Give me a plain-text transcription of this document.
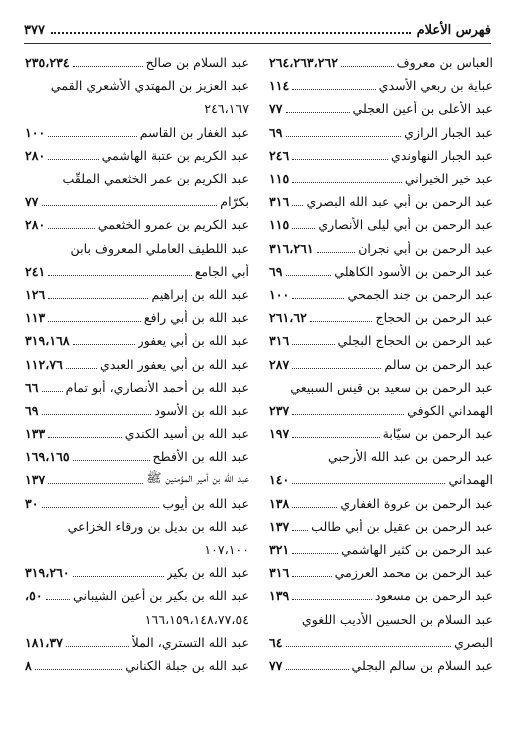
فهرس الأعلام
٣٧٧
العباس بن معروف
٢٦٤،٢٦٣،٢٦٢
عباية بن ربعي الأسدي
١١٤
عبد الأعلى بن أعين العجلي
٧٧
عبد الجبار الرازي
٦٩
عبد الجبار النهاوندي
٢٤٦
عبد خير الخيراني
١١٥
عبد الرحمن بن أبي عبد الله البصري
٣١٦
عبد الرحمن بن أبي ليلى الأنصاري
١١٥
عبد الرحمن بن أبي نجران
٣١٦،٢٦١
عبد الرحمن بن الأسود الكاهلي
٦٩
عبد الرحمن بن جند الجمحي
١٠٠
عبد الرحمن بن الحجاج
٢٦١،٦٢
عبد الرحمن بن الحجاج البجلي
٣١٦
عبد الرحمن بن سالم
٢٨٧
عبد الرحمن بن سعيد بن قيس السبيعي
الهمداني الكوفي
٢٣٧
عبد الرحمن بن سيّابة
١٩٧
عبد الرحمن بن عبد الله الأرحبي
الهمداني
١٤٠
عبد الرحمن بن عروة الغفاري
١٣٨
عبد الرحمن بن عقيل بن أبي طالب
١٣٧
عبد الرحمن بن كثير الهاشمي
٣٢١
عبد الرحمن بن محمد العرزمي
٣١٦
عبد الرحمن بن مسعود
١٣٩
عبد السلام بن الحسين الأديب اللغوي
البصري
٦٤
عبد السلام بن سالم البجلي
٧٧
عبد السلام بن صالح
٢٣٥،٢٣٤
عبد العزيز بن المهتدي الأشعري القمي
٢٤٦،١٦٧
عبد الغفار بن القاسم
١٠٠
عبد الكريم بن عتبة الهاشمي
٢٨٠
عبد الكريم بن عمر الخثعمي الملقّب
بكرّام
٧٧
عبد الكريم بن عمرو الخثعمي
٢٨٠
عبد اللطيف العاملي المعروف بابن
أبي الجامع
٢٤١
عبد الله بن إبراهيم
١٢٦
عبد الله بن أبي رافع
١١٣
عبد الله بن أبي يعفور
٣١٩،١٦٨
عبد الله بن أبي يعفور العبدي
١١٢،٧٦
عبد الله بن أحمد الأنصاري، أبو تمام
٦٦
عبد الله بن الأسود
٦٩
عبد الله بن أسيد الكندي
١٣٣
عبد الله بن الأفطح
١٦٩،١٦٥
عبد الله بن أمير المؤمنين ﷺ
١٣٧
عبد الله بن أيوب
٣٠
عبد الله بن بديل بن ورقاء الخزاعي
١٠٧،١٠٠
عبد الله بن بكير
٣١٩،٢٦٠
عبد الله بن بكير بن أعين الشيباني
٥٠،
١٦٦،١٥٩،١٤٨،٧٧،٥٤
عبد الله التستري، الملاّ
١٨١،٣٧
عبد الله بن جبلة الكناني
٨
